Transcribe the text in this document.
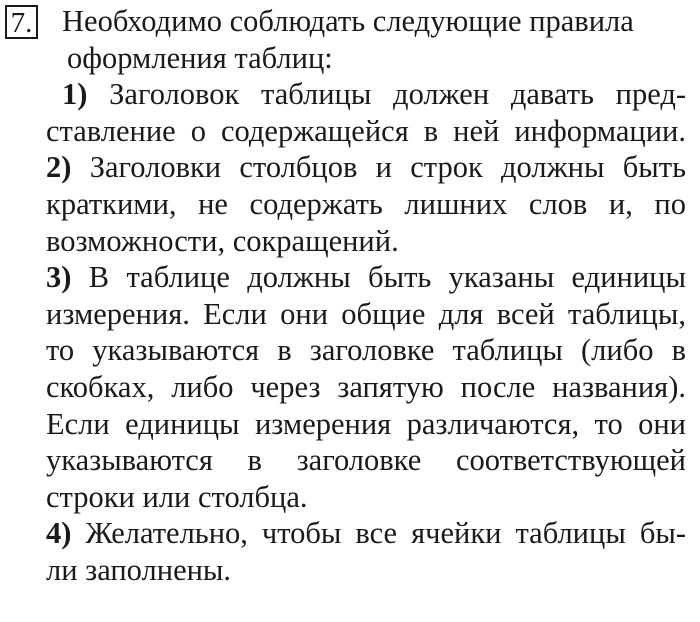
7. Необходимо соблюдать следующие правила
оформления таблиц:
1) Заголовок таблицы должен давать пред-
ставление о содержащейся в ней информации.
2) Заголовки столбцов и строк должны быть
краткими, не содержать лишних слов и, по
возможности, сокращений.
3) В таблице должны быть указаны единицы
измерения. Если они общие для всей таблицы,
то указываются в заголовке таблицы (либо в
скобках, либо через запятую после названия).
Если единицы измерения различаются, то они
указываются в заголовке соответствующей
строки или столбца.
4) Желательно, чтобы все ячейки таблицы бы-
ли заполнены.
